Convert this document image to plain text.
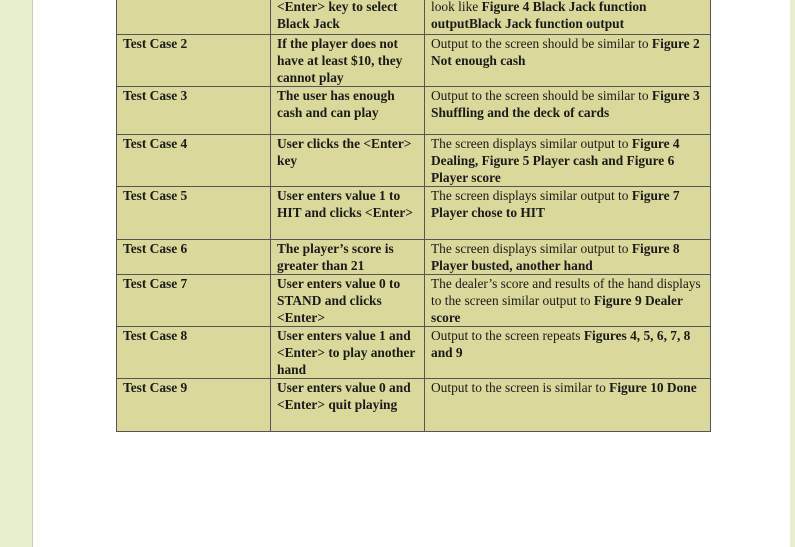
	<Enter> key to select Black Jack	look like Figure 4 Black Jack function outputBlack Jack function output
Test Case 2	If the player does not have at least $10, they cannot play	Output to the screen should be similar to Figure 2 Not enough cash
Test Case 3	The user has enough cash and can play	Output to the screen should be similar to Figure 3 Shuffling and the deck of cards
Test Case 4	User clicks the <Enter> key	The screen displays similar output to Figure 4 Dealing, Figure 5 Player cash and Figure 6 Player score
Test Case 5	User enters value 1 to HIT and clicks <Enter>	The screen displays similar output to Figure 7 Player chose to HIT
Test Case 6	The player’s score is greater than 21	The screen displays similar output to Figure 8 Player busted, another hand
Test Case 7	User enters value 0 to STAND and clicks <Enter>	The dealer’s score and results of the hand displays to the screen similar output to Figure 9 Dealer score
Test Case 8	User enters value 1 and <Enter> to play another hand	Output to the screen repeats Figures 4, 5, 6, 7, 8 and 9
Test Case 9	User enters value 0 and <Enter> quit playing	Output to the screen is similar to Figure 10 Done
